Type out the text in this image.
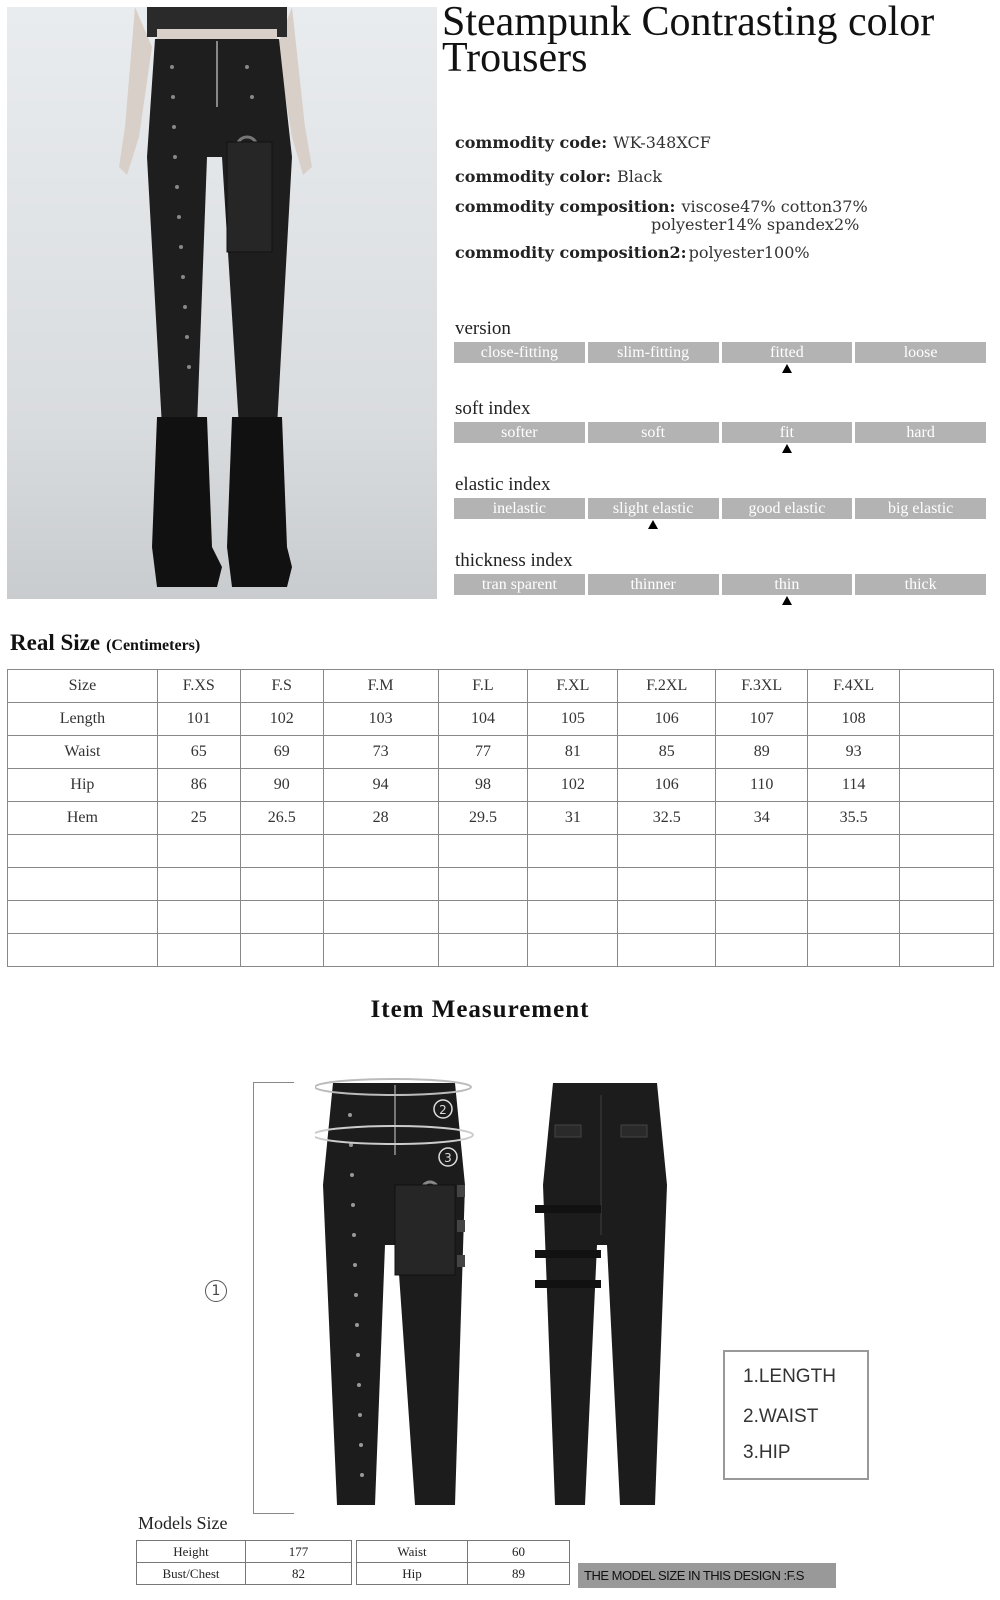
Steampunk Contrasting color Trousers
commodity code: WK-348XCF
commodity color: Black
commodity composition: viscose47% cotton37%
polyester14% spandex2%
commodity composition2: polyester100%
version
close-fitting	slim-fitting	fitted	loose
soft index
softer	soft	fit	hard
elastic index
inelastic	slight elastic	good elastic	big elastic
thickness index
tran sparent	thinner	thin	thick
Real Size (Centimeters)
Size	F.XS	F.S	F.M	F.L	F.XL	F.2XL	F.3XL	F.4XL	
Length	101	102	103	104	105	106	107	108	
Waist	65	69	73	77	81	85	89	93	
Hip	86	90	94	98	102	106	110	114	
Hem	25	26.5	28	29.5	31	32.5	34	35.5	

Item Measurement
1
2
3
1.LENGTH
2.WAIST
3.HIP
Models Size
Height	177
Bust/Chest	82
Waist	60
Hip	89	THE MODEL SIZE IN THIS DESIGN :F.S
